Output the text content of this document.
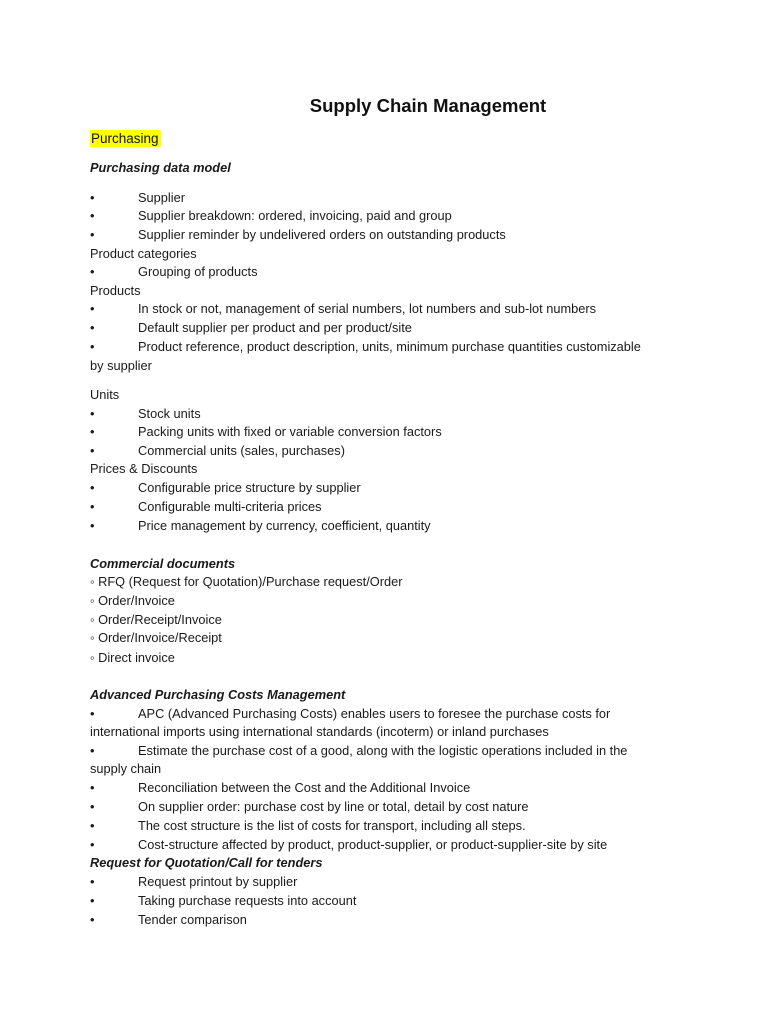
Supply Chain Management
Purchasing
Purchasing data model
•	Supplier
•	Supplier breakdown: ordered, invoicing, paid and group
•	Supplier reminder by undelivered orders on outstanding products
Product categories
•	Grouping of products
Products
•	In stock or not, management of serial numbers, lot numbers and sub-lot numbers
•	Default supplier per product and per product/site
•	Product reference, product description, units, minimum purchase quantities customizable
by supplier
Units
•	Stock units
•	Packing units with fixed or variable conversion factors
•	Commercial units (sales, purchases)
Prices & Discounts
•	Configurable price structure by supplier
•	Configurable multi-criteria prices
•	Price management by currency, coefficient, quantity
Commercial documents
◦ RFQ (Request for Quotation)/Purchase request/Order
◦ Order/Invoice
◦ Order/Receipt/Invoice
◦ Order/Invoice/Receipt
◦ Direct invoice
Advanced Purchasing Costs Management
•	APC (Advanced Purchasing Costs) enables users to foresee the purchase costs for
international imports using international standards (incoterm) or inland purchases
•	Estimate the purchase cost of a good, along with the logistic operations included in the
supply chain
•	Reconciliation between the Cost and the Additional Invoice
•	On supplier order: purchase cost by line or total, detail by cost nature
•	The cost structure is the list of costs for transport, including all steps.
•	Cost-structure affected by product, product-supplier, or product-supplier-site by site
Request for Quotation/Call for tenders
•	Request printout by supplier
•	Taking purchase requests into account
•	Tender comparison
